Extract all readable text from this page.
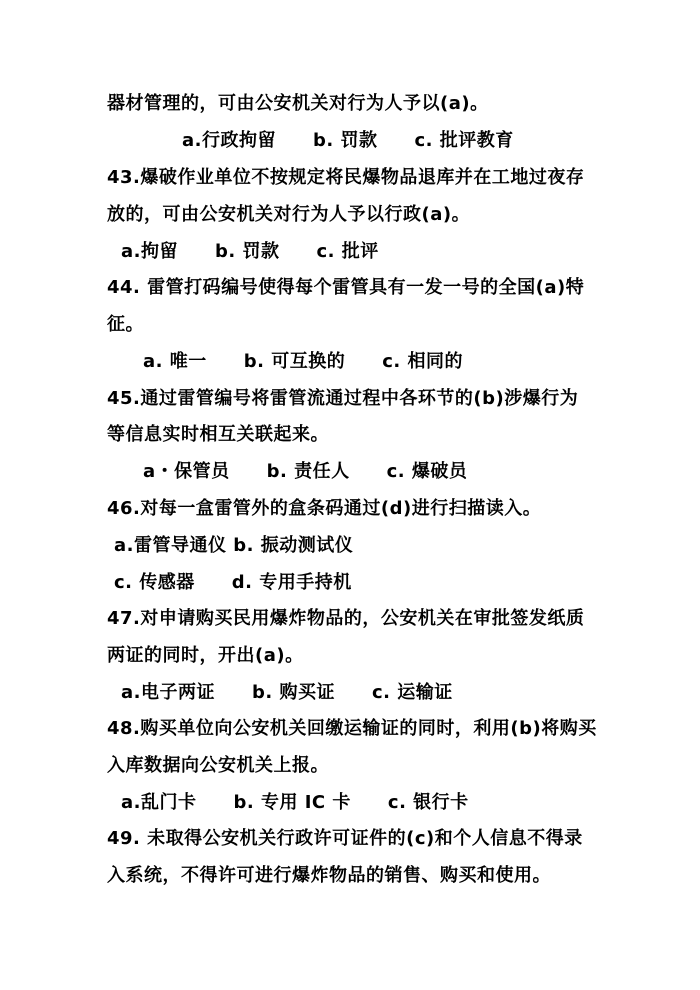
器材管理的，可由公安机关对行为人予以(a)。
a.行政拘留　　b. 罚款　　c. 批评教育
43.爆破作业单位不按规定将民爆物品退库并在工地过夜存
放的，可由公安机关对行为人予以行政(a)。
a.拘留　　b. 罚款　　c. 批评
44. 雷管打码编号使得每个雷管具有一发一号的全国(a)特
征。
a. 唯一　　b. 可互换的　　c. 相同的
45.通过雷管编号将雷管流通过程中各环节的(b)涉爆行为
等信息实时相互关联起来。
a・保管员　　b. 责任人　　c. 爆破员
46.对每一盒雷管外的盒条码通过(d)进行扫描读入。
a.雷管导通仪 b. 振动测试仪
c. 传感器　　d. 专用手持机
47.对申请购买民用爆炸物品的，公安机关在审批签发纸质
两证的同时，开出(a)。
a.电子两证　　b. 购买证　　c. 运输证
48.购买单位向公安机关回缴运输证的同时，利用(b)将购买
入库数据向公安机关上报。
a.乱门卡　　b. 专用 IC 卡　　c. 银行卡
49. 未取得公安机关行政许可证件的(c)和个人信息不得录
入系统，不得许可进行爆炸物品的销售、购买和使用。
